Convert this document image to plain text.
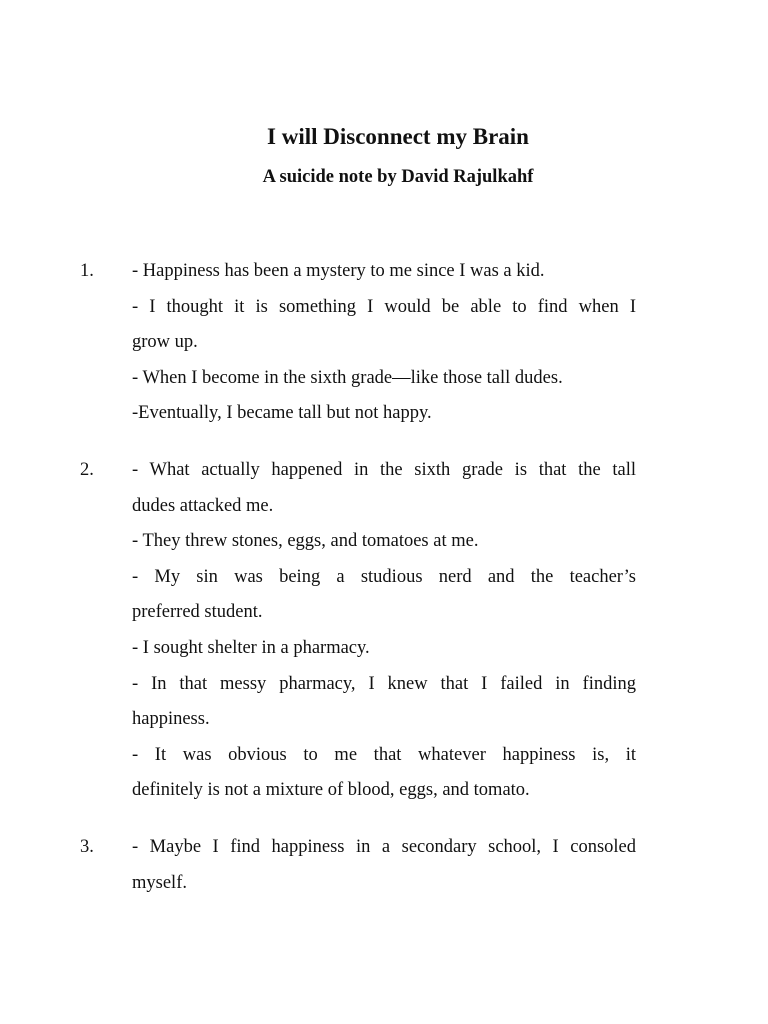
I will Disconnect my Brain
A suicide note by David Rajulkahf
1. - Happiness has been a mystery to me since I was a kid.
- I thought it is something I would be able to find when I
grow up.
- When I become in the sixth grade—like those tall dudes.
-Eventually, I became tall but not happy.
2. - What actually happened in the sixth grade is that the tall
dudes attacked me.
- They threw stones, eggs, and tomatoes at me.
- My sin was being a studious nerd and the teacher’s
preferred student.
- I sought shelter in a pharmacy.
- In that messy pharmacy, I knew that I failed in finding
happiness.
- It was obvious to me that whatever happiness is, it
definitely is not a mixture of blood, eggs, and tomato.
3. - Maybe I find happiness in a secondary school, I consoled
myself.
